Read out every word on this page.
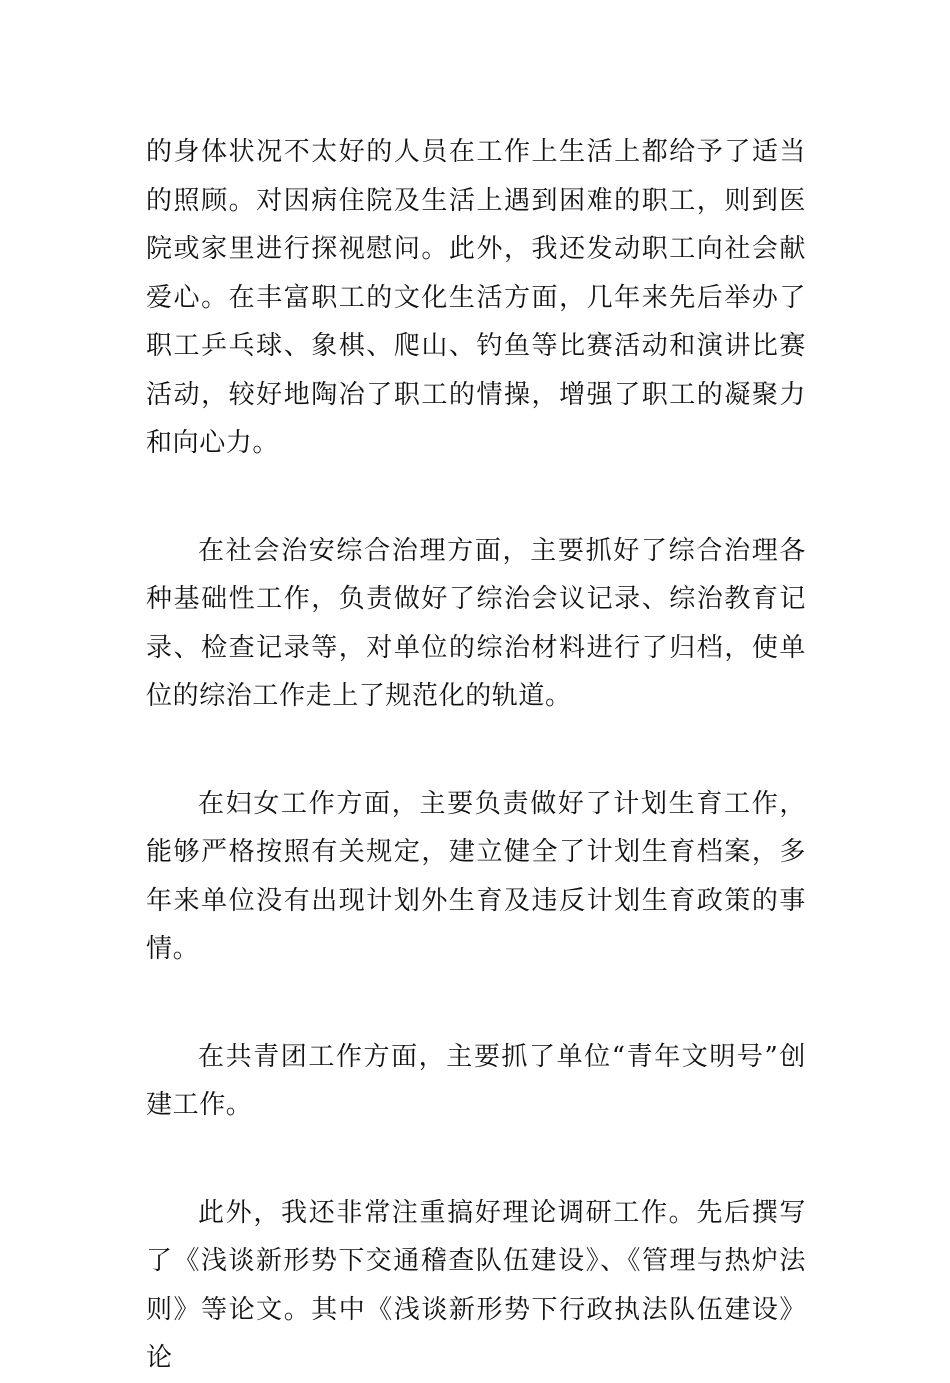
的身体状况不太好的人员在工作上生活上都给予了适当的照顾。对因病住院及生活上遇到困难的职工，则到医院或家里进行探视慰问。此外，我还发动职工向社会献爱心。在丰富职工的文化生活方面，几年来先后举办了职工乒乓球、象棋、爬山、钓鱼等比赛活动和演讲比赛活动，较好地陶冶了职工的情操，增强了职工的凝聚力和向心力。

在社会治安综合治理方面，主要抓好了综合治理各种基础性工作，负责做好了综治会议记录、综治教育记录、检查记录等，对单位的综治材料进行了归档，使单位的综治工作走上了规范化的轨道。

在妇女工作方面，主要负责做好了计划生育工作，能够严格按照有关规定，建立健全了计划生育档案，多年来单位没有出现计划外生育及违反计划生育政策的事情。

在共青团工作方面，主要抓了单位“青年文明号”创建工作。

此外，我还非常注重搞好理论调研工作。先后撰写了《浅谈新形势下交通稽查队伍建设》、《管理与热炉法则》等论文。其中《浅谈新形势下行政执法队伍建设》论
